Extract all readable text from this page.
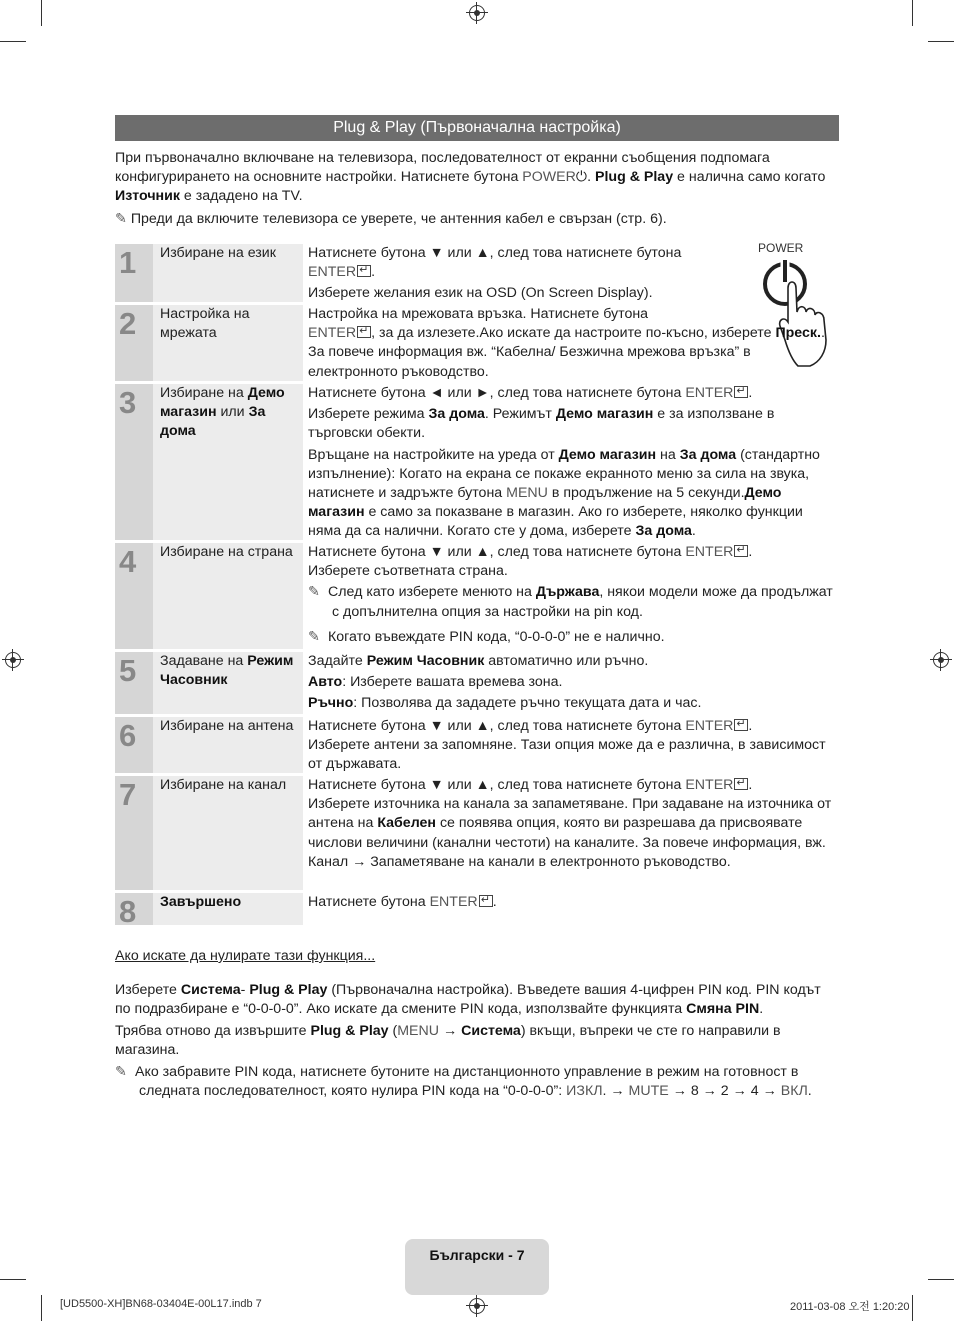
Plug & Play (Първоначална настройка)

При първоначално включване на телевизора, последователност от екранни съобщения подпомага конфигурирането на основните настройки. Натиснете бутона POWER⏻. Plug & Play е налична само когато Източник е зададено на TV.

✎ Преди да включите телевизора се уверете, че антенния кабел е свързан (стр. 6).

POWER
1	Избиране на език	Натиснете бутона ▼ или ▲, след това натиснете бутона
ENTER ↵ .

Изберете желания език на OSD (On Screen Display).

2	Настройка на мрежата

Настройка на мрежовата връзка. Натиснете бутона
ENTER ↵ , за да излезете.Ако искате да настроите по-късно, изберете Преск.. За повече информация вж. “Кабелна/ Безжична мрежова връзка” в електронното ръководство.

3	Избиране на Демо магазин или За дома

Натиснете бутона ◄ или ►, след това натиснете бутона ENTER ↵ .

Изберете режима За дома. Режимът Демо магазин е за използване в търговски обекти.

Връщане на настройките на уреда от Демо магазин на За дома (стандартно изпълнение): Когато на екрана се покаже екранното меню за сила на звука, натиснете и задръжте бутона MENU в продължение на 5 секунди.Демо магазин е само за показване в магазин. Ако го изберете, няколко функции няма да са налични. Когато сте у дома, изберете За дома.

4	Избиране на страна	Натиснете бутона ▼ или ▲, след това натиснете бутона ENTER ↵ .
Изберете съответната страна.

✎ След като изберете менюто на Държава, някои модели може да продължат с допълнителна опция за настройки на pin код.

✎ Когато въвеждате PIN кода, “0-0-0-0” не е налично.

5	Задаване на Режим Часовник

Задайте Режим Часовник автоматично или ръчно.

Авто: Изберете вашата времева зона.

Ръчно: Позволява да зададете ръчно текущата дата и час.

6	Избиране на антена	Натиснете бутона ▼ или ▲, след това натиснете бутона ENTER ↵ .
Изберете антени за запомняне. Тази опция може да е различна, в зависимост от държавата.

7	Избиране на канал	Натиснете бутона ▼ или ▲, след това натиснете бутона ENTER ↵ .
Изберете източника на канала за запаметяване. При задаване на източника от антена на Кабелен се появява опция, която ви разрешава да присвоявате числови величини (канални честоти) на каналите. За повече информация, вж. Канал → Запаметяване на канали в електронното ръководство.

8	Завършено	Натиснете бутона ENTER ↵ .

Ако искате да нулирате тази функция...

Изберете Система- Plug & Play (Първоначална настройка). Въведете вашия 4-цифрен PIN код. PIN кодът по подразбиране е “0-0-0-0”. Ако искате да смените PIN кода, използвайте функцията Смяна PIN.

Трябва отново да извършите Plug & Play (MENU → Система) вкъщи, въпреки че сте го направили в магазина.

✎ Ако забравите PIN кода, натиснете бутоните на дистанционното управление в режим на готовност в следната последователност, която нулира PIN кода на “0-0-0-0”: ИЗКЛ. → MUTE → 8 → 2 → 4 → ВКЛ.

Български - 7
[UD5500-XH]BN68-03404E-00L17.indb 7	2011-03-08 오전 1:20:20
